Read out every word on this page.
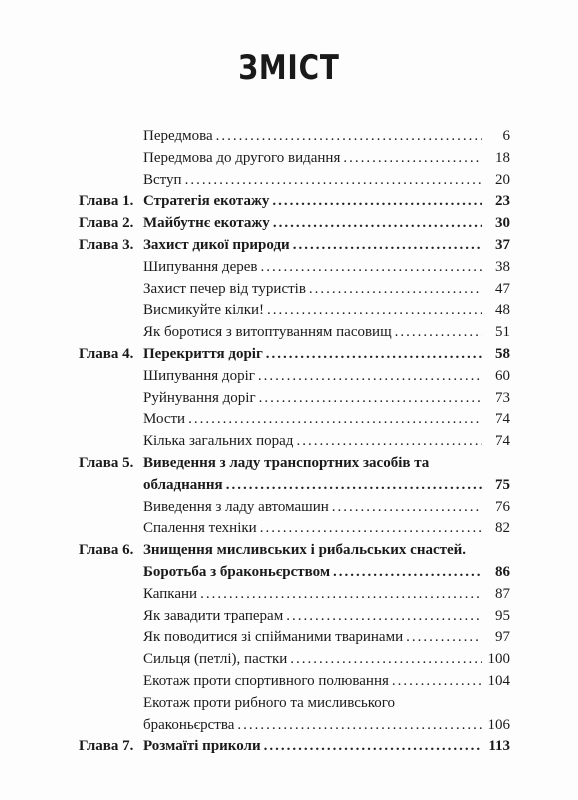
ЗМІСТ
Передмова .....	6
Передмова до другого видання .....	18
Вступ .....	20
Глава 1. Стратегія екотажу .....	23
Глава 2. Майбутнє екотажу .....	30
Глава 3. Захист дикої природи .....	37
Шипування дерев .....	38
Захист печер від туристів .....	47
Висмикуйте кілки! .....	48
Як боротися з витоптуванням пасовищ .....	51
Глава 4. Перекриття доріг .....	58
Шипування доріг .....	60
Руйнування доріг .....	73
Мости .....	74
Кілька загальних порад .....	74
Глава 5. Виведення з ладу транспортних засобів та
обладнання .....	75
Виведення з ладу автомашин .....	76
Спалення техніки .....	82
Глава 6. Знищення мисливських і рибальських снастей.
Боротьба з браконьєрством .....	86
Капкани .....	87
Як завадити траперам .....	95
Як поводитися зі спійманими тваринами .....	97
Сильця (петлі), пастки .....	100
Екотаж проти спортивного полювання .....	104
Екотаж проти рибного та мисливського
браконьєрства .....	106
Глава 7. Розмаїті приколи .....	113
